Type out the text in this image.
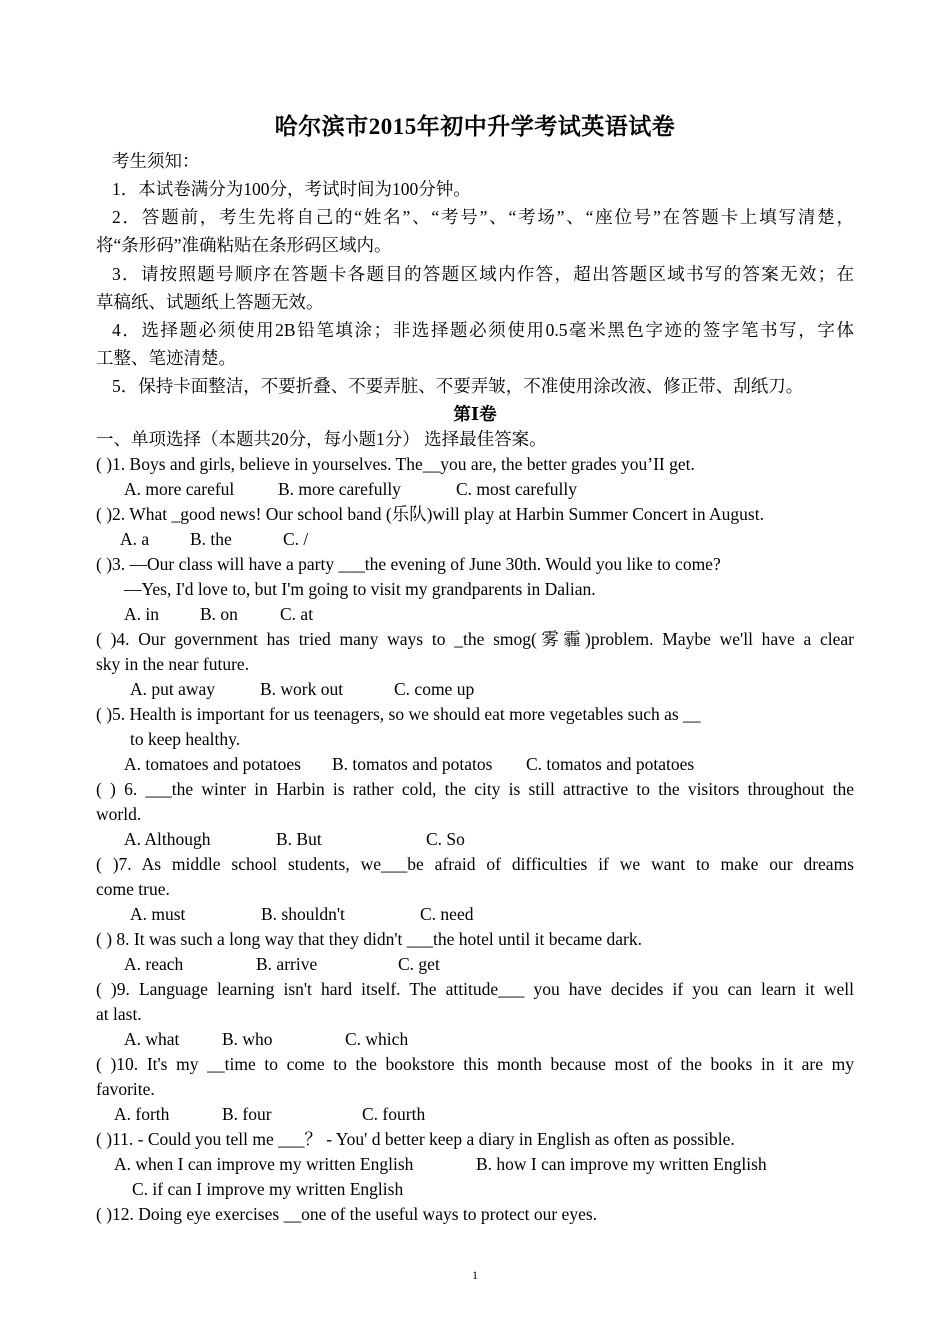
哈尔滨市2015年初中升学考试英语试卷
考生须知：
1．本试卷满分为100分，考试时间为100分钟。
2．答题前，考生先将自己的“姓名”、“考号”、“考场”、“座位号”在答题卡上填写清楚，
将“条形码”准确粘贴在条形码区域内。
3．请按照题号顺序在答题卡各题目的答题区域内作答，超出答题区域书写的答案无效；在
草稿纸、试题纸上答题无效。
4．选择题必须使用2B铅笔填涂；非选择题必须使用0.5毫米黑色字迹的签字笔书写，字体
工整、笔迹清楚。
5．保持卡面整洁，不要折叠、不要弄脏、不要弄皱，不准使用涂改液、修正带、刮纸刀。
第Ⅰ卷
一、单项选择（本题共20分，每小题1分） 选择最佳答案。
( )1. Boys and girls, believe in yourselves. The__you are, the better grades you’II get.
A. more careful B. more carefully	C. most carefully
( )2. What _good news! Our school band (乐队)will play at Harbin Summer Concert in August.
A. a B. the	C. /
( )3. —Our class will have a party ___the evening of June 30th. Would you like to come?
—Yes, I'd love to, but I'm going to visit my grandparents in Dalian.
A. in B. on C. at
( )4. Our government has tried many ways to _the smog(雾霾)problem. Maybe we'll have a clear
sky in the near future.
A. put away	B. work out	C. come up
( )5. Health is important for us teenagers, so we should eat more vegetables such as __
to keep healthy.
A. tomatoes and potatoes B. tomatos and potatos C. tomatos and potatoes
( ) 6. ___the winter in Harbin is rather cold, the city is still attractive to the visitors throughout the
world.
A. Although	B. But	C. So
( )7. As middle school students, we___be afraid of difficulties if we want to make our dreams
come true.
A. must	B. shouldn't	C. need
( ) 8. It was such a long way that they didn't ___the hotel until it became dark.
A. reach	B. arrive	C. get
( )9. Language learning isn't hard itself. The attitude___ you have decides if you can learn it well
at last.
A. what B. who	C. which
( )10. It's my __time to come to the bookstore this month because most of the books in it are my
favorite.
A. forth	B. four	C. fourth
( )11. - Could you tell me ___？ - You' d better keep a diary in English as often as possible.
A. when I can improve my written English	B. how I can improve my written English
C. if can I improve my written English
( )12. Doing eye exercises __one of the useful ways to protect our eyes.
1
